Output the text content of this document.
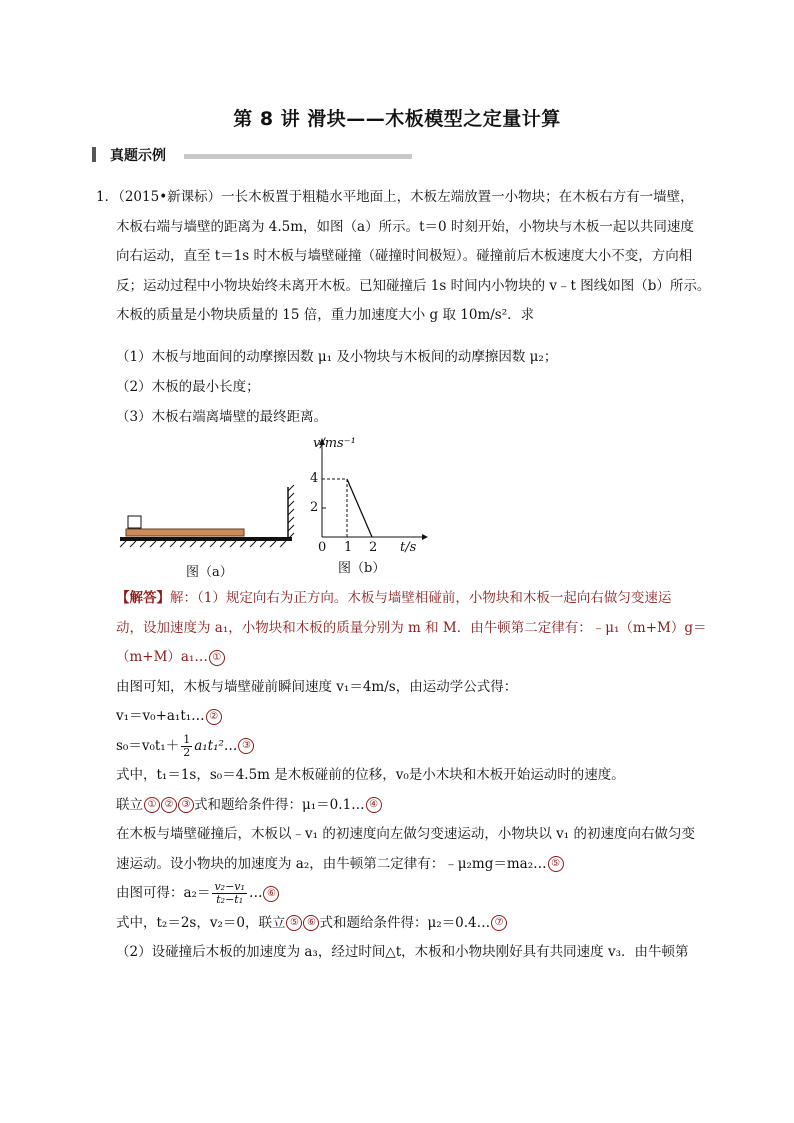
第 8 讲 滑块——木板模型之定量计算
真题示例
1．（2015•新课标）一长木板置于粗糙水平地面上，木板左端放置一小物块；在木板右方有一墙壁，
木板右端与墙壁的距离为 4.5m，如图（a）所示。t＝0 时刻开始，小物块与木板一起以共同速度
向右运动，直至 t＝1s 时木板与墙壁碰撞（碰撞时间极短）。碰撞前后木板速度大小不变，方向相
反；运动过程中小物块始终未离开木板。已知碰撞后 1s 时间内小物块的 v﹣t 图线如图（b）所示。
木板的质量是小物块质量的 15 倍，重力加速度大小 g 取 10m/s²．求
（1）木板与地面间的动摩擦因数 μ₁ 及小物块与木板间的动摩擦因数 μ₂；
（2）木板的最小长度；
（3）木板右端离墙壁的最终距离。
v/ms⁻¹
t/s
4
2
0 1 2
图（a）	图（b）
【解答】解：（1）规定向右为正方向。木板与墙壁相碰前，小物块和木板一起向右做匀变速运
动，设加速度为 a₁，小物块和木板的质量分别为 m 和 M．由牛顿第二定律有：﹣μ₁（m+M）g＝
（m+M）a₁… ①
由图可知，木板与墙壁碰前瞬间速度 v₁＝4m/s，由运动学公式得：
v₁＝v₀+a₁t₁… ②
$s_0=v_0t_1+ \frac{1}{2}$ a₁t₁²… ③
式中，t₁＝1s，s₀＝4.5m 是木板碰前的位移，v₀是小木块和木板开始运动时的速度。
联立 ① ② ③ 式和题给条件得：μ₁＝0.1… ④
在木板与墙壁碰撞后，木板以﹣v₁ 的初速度向左做匀变速运动，小物块以 v₁ 的初速度向右做匀变
速运动。设小物块的加速度为 a₂，由牛顿第二定律有：﹣μ₂mg＝ma₂… ⑤
由图可得：$a_2= \frac{\text{v₂−v₁}}{\text{t₂−t₁}}$ … ⑥
式中，t₂＝2s，v₂＝0，联立 ⑤ ⑥ 式和题给条件得：μ₂＝0.4… ⑦
（2）设碰撞后木板的加速度为 a₃，经过时间△t，木板和小物块刚好具有共同速度 v₃．由牛顿第
